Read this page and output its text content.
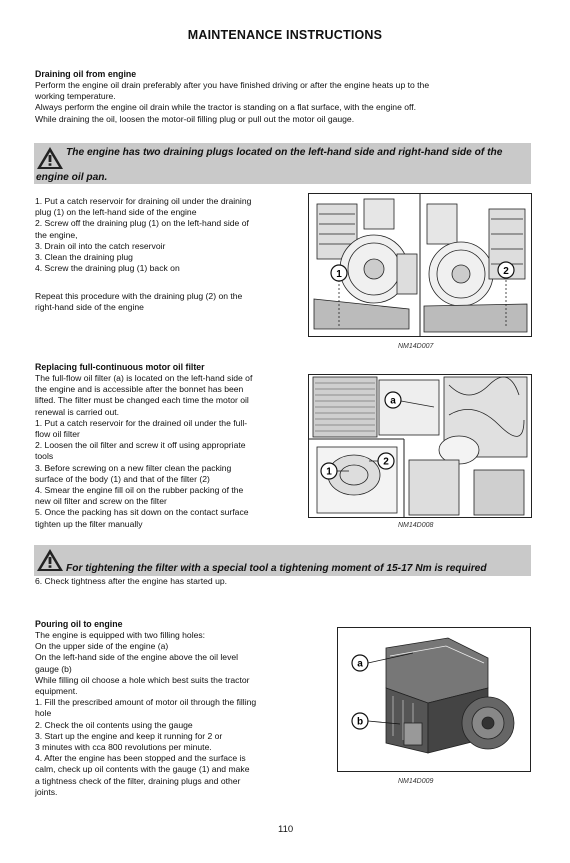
MAINTENANCE INSTRUCTIONS
Draining oil from engine
Perform the engine oil drain preferably after you have finished driving or after the engine heats up to the
working temperature.
Always perform the engine oil drain while the tractor is standing on a flat surface, with the engine off.
While draining the oil, loosen the motor-oil filling plug or pull out the motor oil gauge.
The engine has two draining plugs located on the left-hand side and right-hand side of the
engine oil pan.
1. Put a catch reservoir for draining oil under the draining
plug (1) on the left-hand side of the engine
2. Screw off the draining plug (1) on the left-hand side of
the engine,
3. Drain oil into the catch reservoir
3. Clean the draining plug
4. Screw the draining plug (1) back on
Repeat this procedure with the draining plug (2) on the
right-hand side of the engine
1	2
NM14D007
Replacing full-continuous motor oil filter
The full-flow oil filter (a) is located on the left-hand side of
the engine and is accessible after the bonnet has been
lifted. The filter must be changed each time the motor oil
renewal is carried out.
1. Put a catch reservoir for the drained oil under the full-
flow oil filter
2. Loosen the oil filter and screw it off using appropriate
tools
3. Before screwing on a new filter clean the packing
surface of the body (1) and that of the filter (2)
4. Smear the engine fill oil on the rubber packing of the
new oil filter and screw on the filter
5. Once the packing has sit down on the contact surface
tighten up the filter manually
a
1
2
NM14D008
For tightening the filter with a special tool a tightening moment of 15-17 Nm is required
6. Check tightness after the engine has started up.
Pouring oil to engine
The engine is equipped with two filling holes:
On the upper side of the engine (a)
On the left-hand side of the engine above the oil level
gauge (b)
While filling oil choose a hole which best suits the tractor
equipment.
1. Fill the prescribed amount of motor oil through the filling
hole
2. Check the oil contents using the gauge
3. Start up the engine and keep it running for 2 or
3 minutes with cca 800 revolutions per minute.
4. After the engine has been stopped and the surface is
calm, check up oil contents with the gauge (1) and make
a tightness check of the filter, draining plugs and other
joints.
a
b
NM14D009
110
